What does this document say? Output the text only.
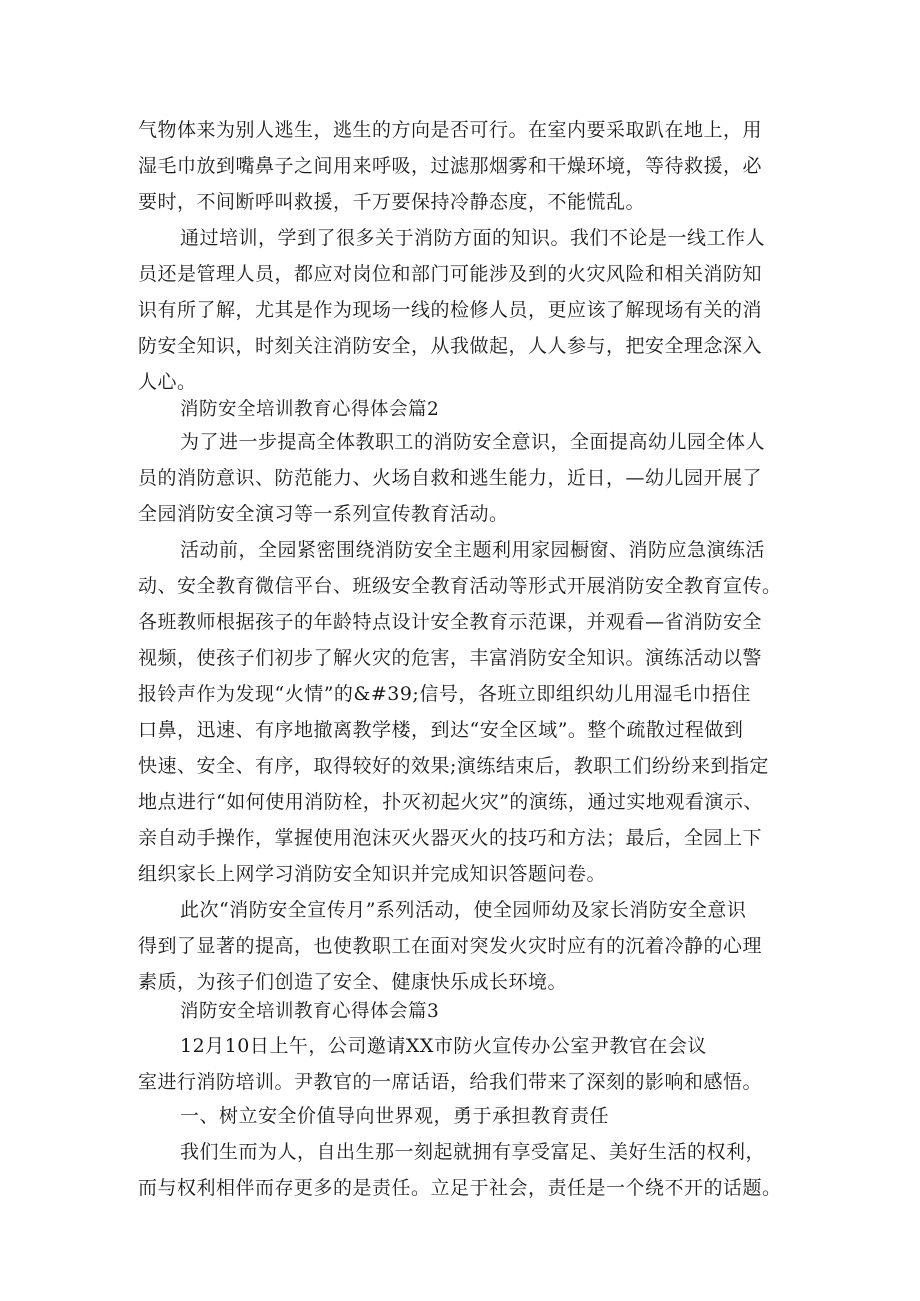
气物体来为别人逃生，逃生的方向是否可行。在室内要采取趴在地上，用
湿毛巾放到嘴鼻子之间用来呼吸，过滤那烟雾和干燥环境，等待救援，必
要时，不间断呼叫救援，千万要保持冷静态度，不能慌乱。
通过培训，学到了很多关于消防方面的知识。我们不论是一线工作人
员还是管理人员，都应对岗位和部门可能涉及到的火灾风险和相关消防知
识有所了解，尤其是作为现场一线的检修人员，更应该了解现场有关的消
防安全知识，时刻关注消防安全，从我做起，人人参与，把安全理念深入
人心。
消防安全培训教育心得体会篇2
为了进一步提高全体教职工的消防安全意识，全面提高幼儿园全体人
员的消防意识、防范能力、火场自救和逃生能力，近日，—幼儿园开展了
全园消防安全演习等一系列宣传教育活动。
活动前，全园紧密围绕消防安全主题利用家园橱窗、消防应急演练活
动、安全教育微信平台、班级安全教育活动等形式开展消防安全教育宣传。
各班教师根据孩子的年龄特点设计安全教育示范课，并观看—省消防安全
视频，使孩子们初步了解火灾的危害，丰富消防安全知识。演练活动以警
报铃声作为发现“火情”的&#39;信号，各班立即组织幼儿用湿毛巾捂住
口鼻，迅速、有序地撤离教学楼，到达“安全区域”。整个疏散过程做到
快速、安全、有序，取得较好的效果;演练结束后，教职工们纷纷来到指定
地点进行“如何使用消防栓，扑灭初起火灾”的演练，通过实地观看演示、
亲自动手操作，掌握使用泡沫灭火器灭火的技巧和方法；最后，全园上下
组织家长上网学习消防安全知识并完成知识答题问卷。
此次“消防安全宣传月”系列活动，使全园师幼及家长消防安全意识
得到了显著的提高，也使教职工在面对突发火灾时应有的沉着冷静的心理
素质，为孩子们创造了安全、健康快乐成长环境。
消防安全培训教育心得体会篇3
12月10日上午，公司邀请XX市防火宣传办公室尹教官在会议
室进行消防培训。尹教官的一席话语，给我们带来了深刻的影响和感悟。
一、树立安全价值导向世界观，勇于承担教育责任
我们生而为人，自出生那一刻起就拥有享受富足、美好生活的权利，
而与权利相伴而存更多的是责任。立足于社会，责任是一个绕不开的话题。
